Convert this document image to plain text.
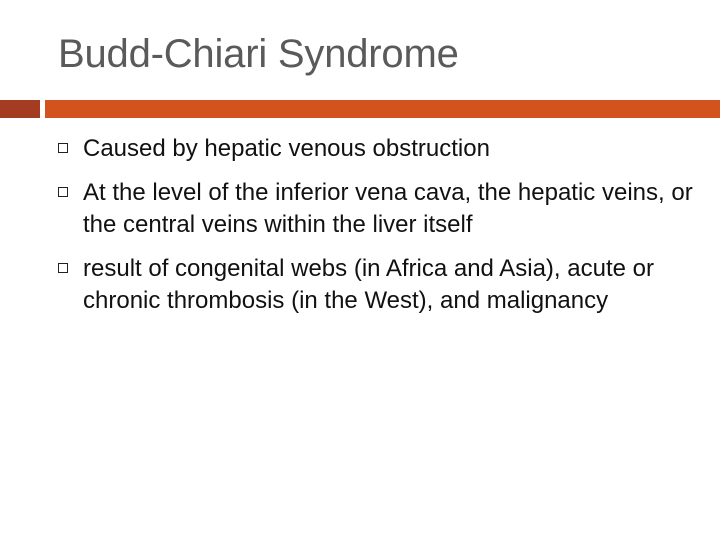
Budd-Chiari Syndrome
Caused by hepatic venous obstruction
At the level of the inferior vena cava, the hepatic veins, or the central veins within the liver itself
result of congenital webs (in Africa and Asia), acute or chronic thrombosis (in the West), and malignancy
